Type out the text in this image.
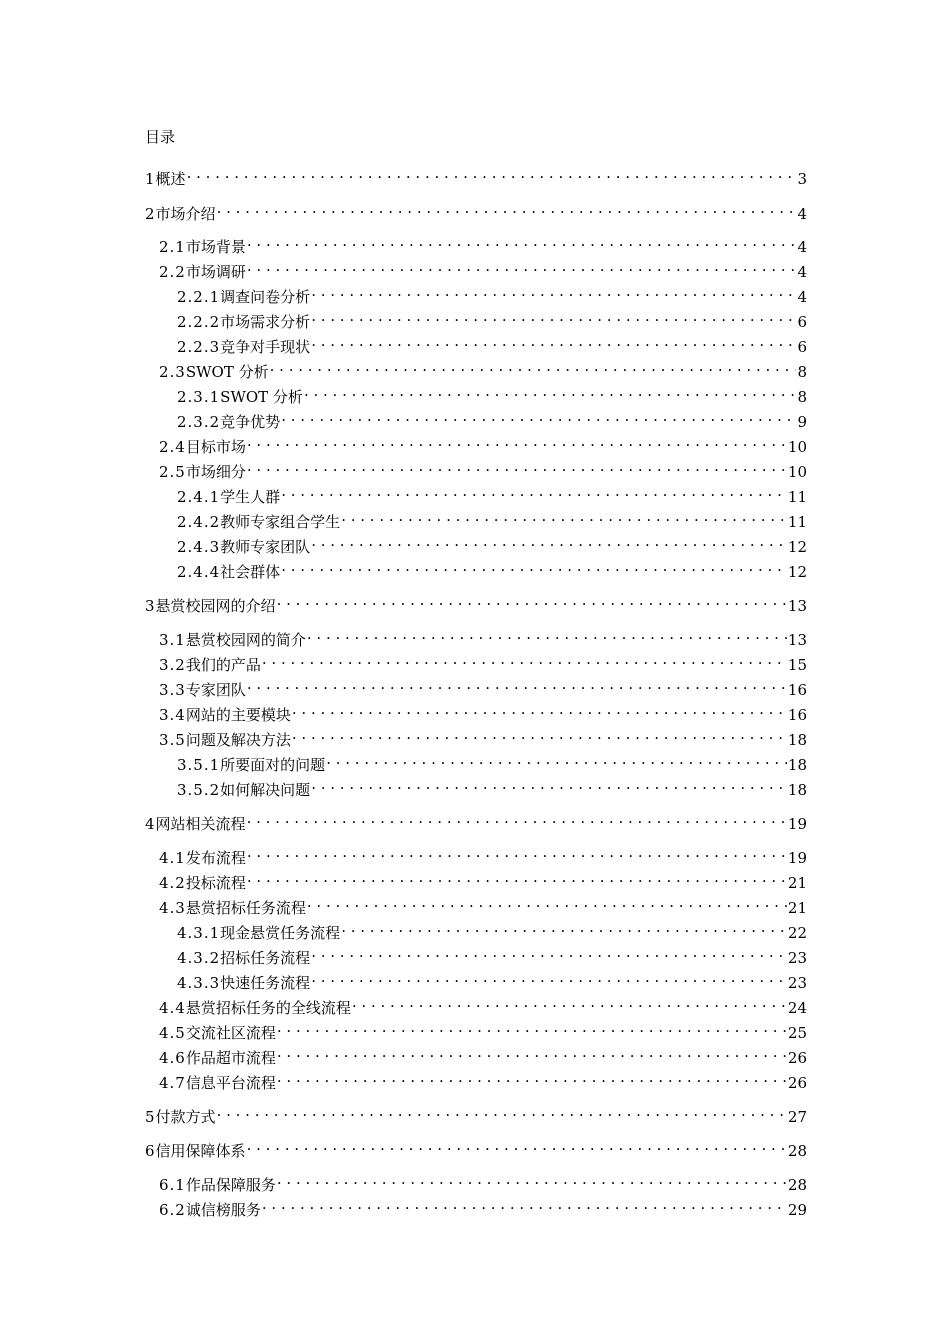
目录
1 概述 . . .	3
2 市场介绍 . . .	4
2.1 市场背景 . . .	4
2.2 市场调研 . . .	4
2.2.1 调查问卷分析 . . .	4
2.2.2 市场需求分析 . . .	6
2.2.3 竞争对手现状 . . .	6
2.3 SWOT 分析 . . .	8
2.3.1 SWOT 分析 . . .	8
2.3.2 竞争优势 . . .	9
2.4 目标市场 . . .	10
2.5 市场细分 . . .	10
2.4.1 学生人群 . . .	11
2.4.2 教师专家组合学生 . . .	11
2.4.3 教师专家团队 . . .	12
2.4.4 社会群体 . . .	12
3 悬赏校园网的介绍 . . .	13
3.1 悬赏校园网的简介 . . .	13
3.2 我们的产品 . . .	15
3.3 专家团队 . . .	16
3.4 网站的主要模块 . . .	16
3.5 问题及解决方法 . . .	18
3.5.1 所要面对的问题 . . .	18
3.5.2 如何解决问题 . . .	18
4 网站相关流程 . . .	19
4.1 发布流程 . . .	19
4.2 投标流程 . . .	21
4.3 悬赏招标任务流程 . . .	21
4.3.1 现金悬赏任务流程 . . .	22
4.3.2 招标任务流程 . . .	23
4.3.3 快速任务流程 . . .	23
4.4 悬赏招标任务的全线流程 . . .	24
4.5 交流社区流程 . . .	25
4.6 作品超市流程 . . .	26
4.7 信息平台流程 . . .	26
5 付款方式 . . .	27
6 信用保障体系 . . .	28
6.1 作品保障服务 . . .	28
6.2 诚信榜服务 . . .	29
